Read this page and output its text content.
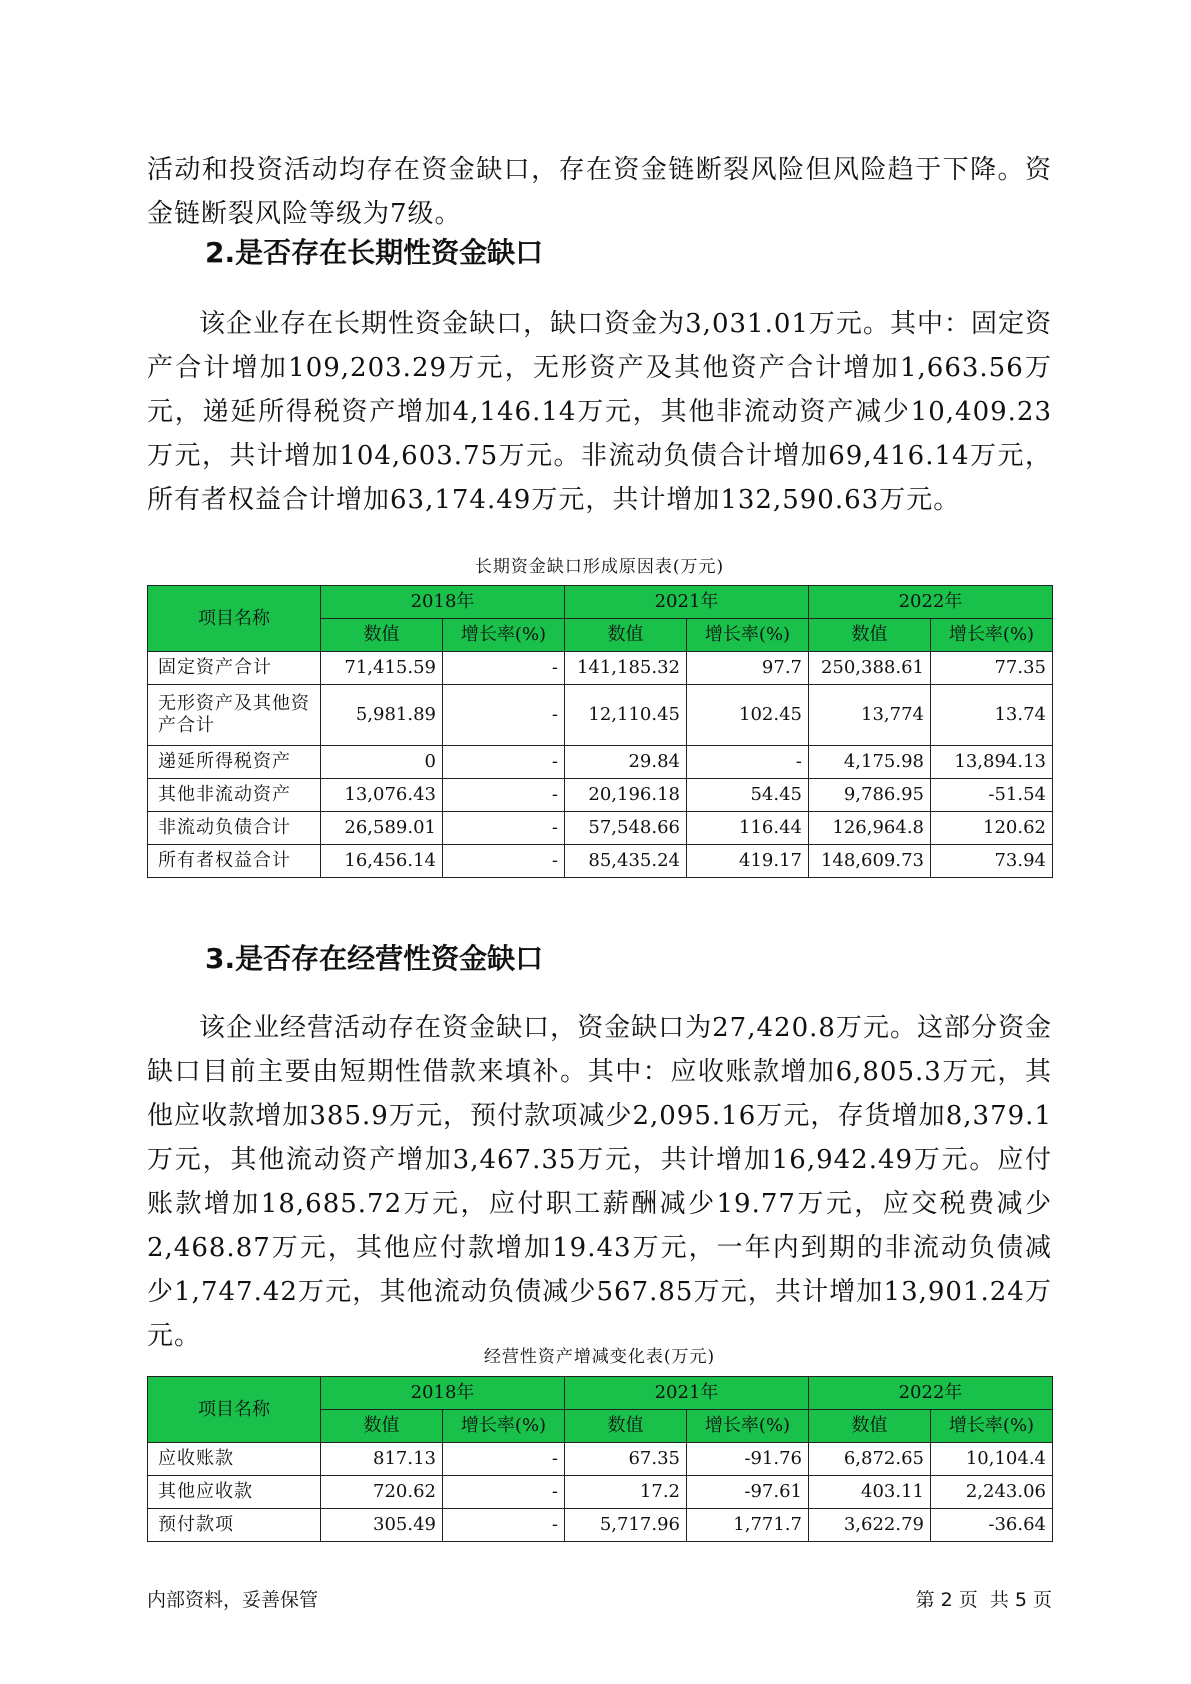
活动和投资活动均存在资金缺口，存在资金链断裂风险但风险趋于下降。资金链断裂风险等级为7级。

2.是否存在长期性资金缺口

该企业存在长期性资金缺口，缺口资金为3,031.01万元。其中：固定资产合计增加109,203.29万元，无形资产及其他资产合计增加1,663.56万元，递延所得税资产增加4,146.14万元，其他非流动资产减少10,409.23万元，共计增加104,603.75万元。非流动负债合计增加69,416.14万元，所有者权益合计增加63,174.49万元，共计增加132,590.63万元。

长期资金缺口形成原因表(万元)
项目名称	2018年		2021年		2022年	
	数值	增长率(%)	数值	增长率(%)	数值	增长率(%)
固定资产合计	71,415.59	-	141,185.32	97.7	250,388.61	77.35
无形资产及其他资产合计	5,981.89	-	12,110.45	102.45	13,774	13.74
递延所得税资产	0	-	29.84	-	4,175.98	13,894.13
其他非流动资产	13,076.43	-	20,196.18	54.45	9,786.95	-51.54
非流动负债合计	26,589.01	-	57,548.66	116.44	126,964.8	120.62
所有者权益合计	16,456.14	-	85,435.24	419.17	148,609.73	73.94
3.是否存在经营性资金缺口

该企业经营活动存在资金缺口，资金缺口为27,420.8万元。这部分资金缺口目前主要由短期性借款来填补。其中：应收账款增加6,805.3万元，其他应收款增加385.9万元，预付款项减少2,095.16万元，存货增加8,379.1万元，其他流动资产增加3,467.35万元，共计增加16,942.49万元。应付账款增加18,685.72万元，应付职工薪酬减少19.77万元，应交税费减少2,468.87万元，其他应付款增加19.43万元，一年内到期的非流动负债减少1,747.42万元，其他流动负债减少567.85万元，共计增加13,901.24万元。

经营性资产增减变化表(万元)
项目名称	2018年		2021年		2022年	
	数值	增长率(%)	数值	增长率(%)	数值	增长率(%)
应收账款	817.13	-	67.35	-91.76	6,872.65	10,104.4
其他应收款	720.62	-	17.2	-97.61	403.11	2,243.06
预付款项	305.49	-	5,717.96	1,771.7	3,622.79	-36.64
内部资料，妥善保管	第 2 页  共 5 页
